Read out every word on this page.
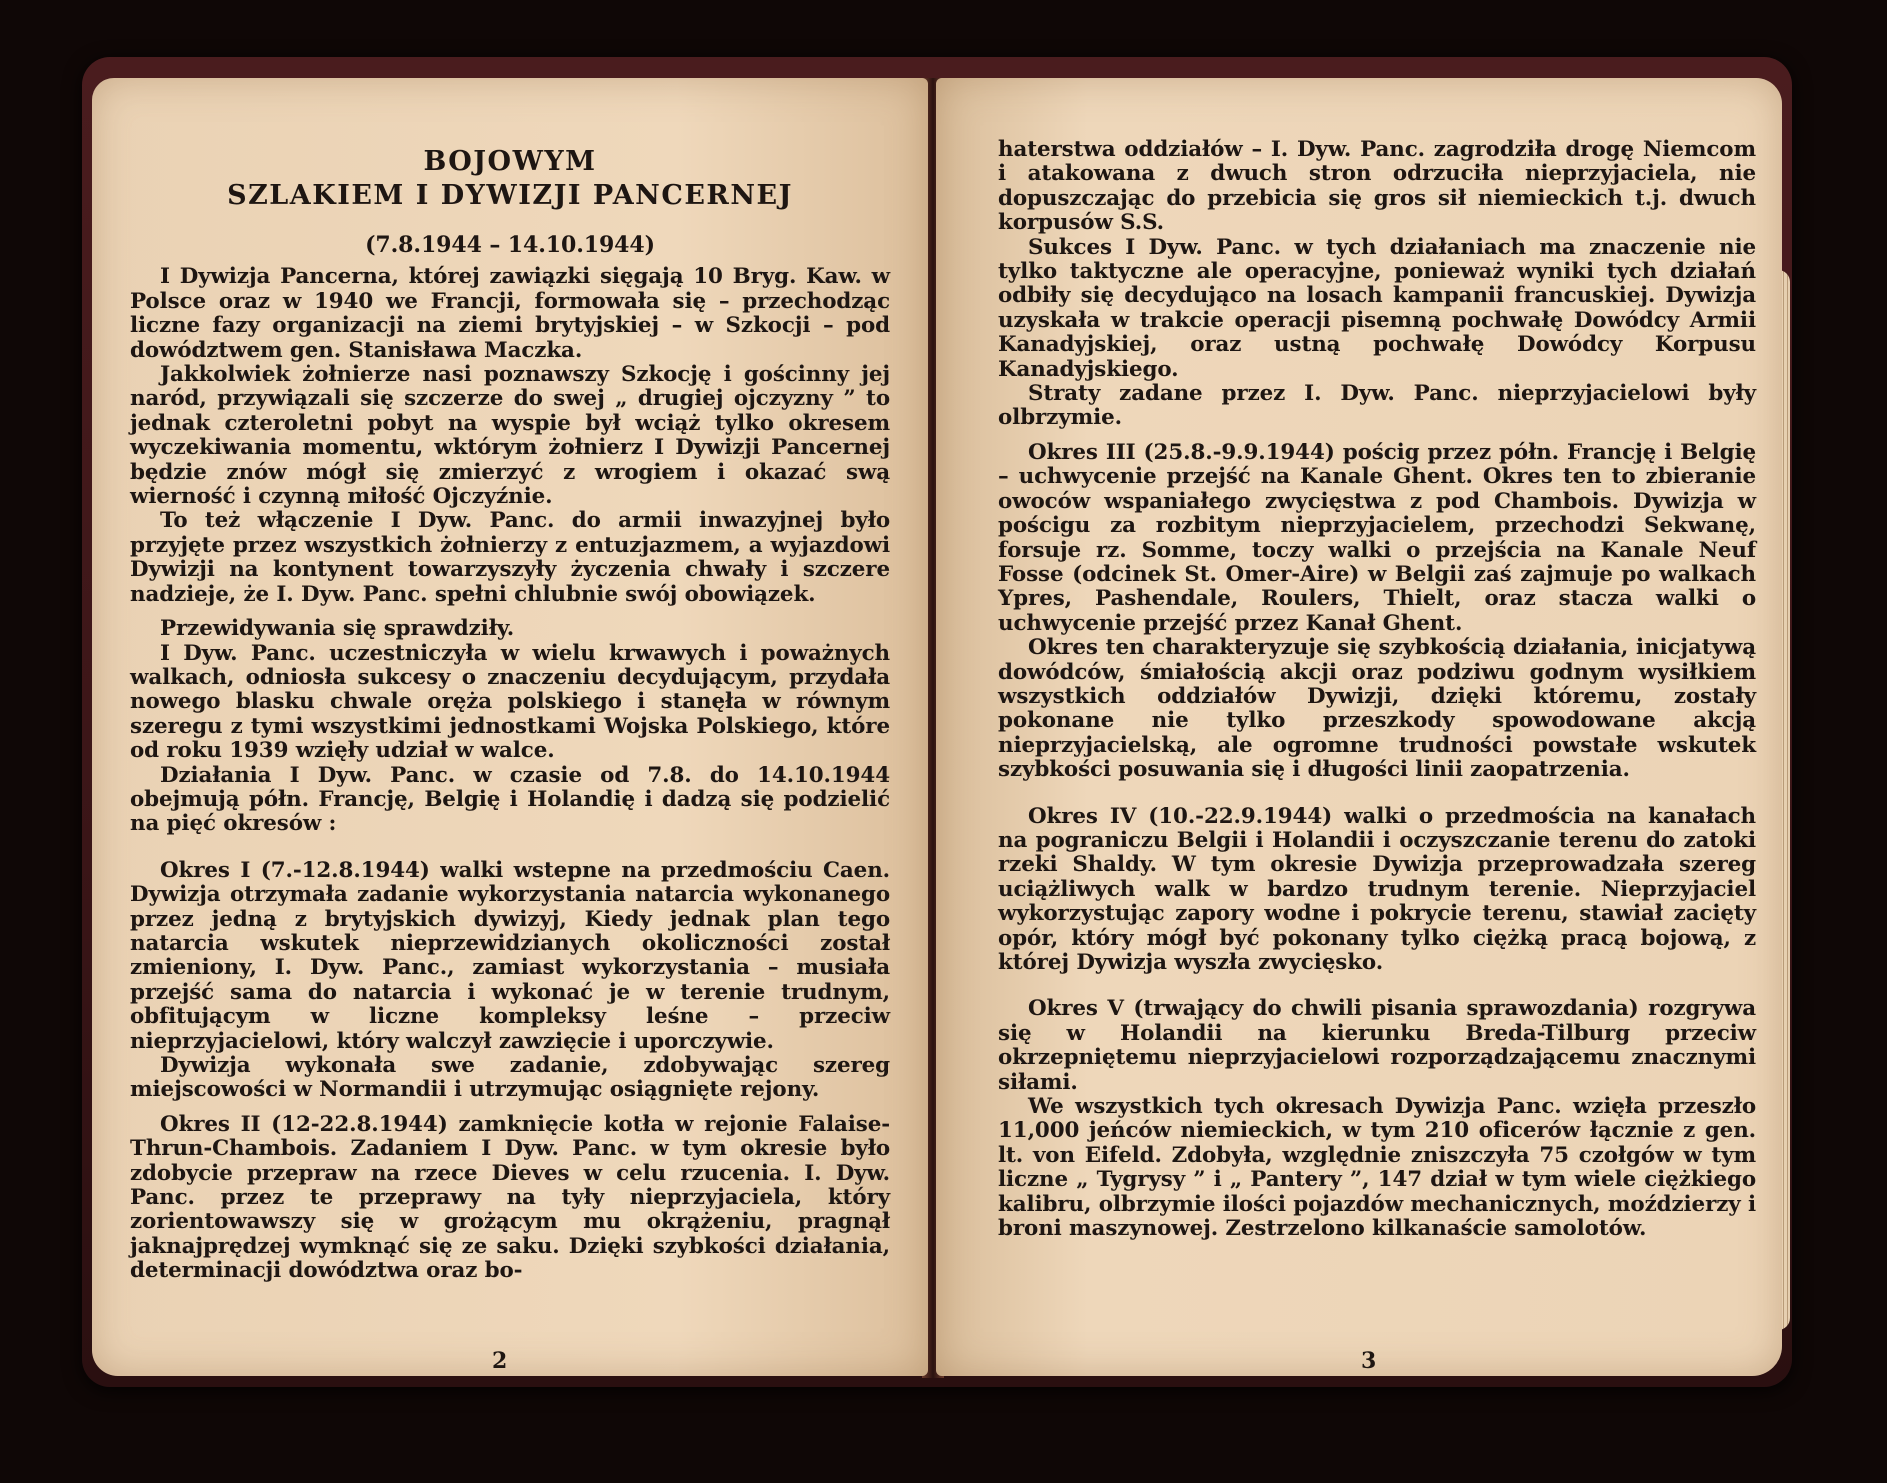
BOJOWYM
SZLAKIEM I DYWIZJI PANCERNEJ
(7.8.1944 – 14.10.1944)

I Dywizja Pancerna, której zawiązki sięgają 10 Bryg. Kaw. w Polsce oraz w 1940 we Francji, formowała się – przechodząc liczne fazy organizacji na ziemi brytyjskiej – w Szkocji – pod dowództwem gen. Stanisława Maczka.

Jakkolwiek żołnierze nasi poznawszy Szkocję i gościnny jej naród, przywiązali się szczerze do swej „ drugiej ojczyzny ” to jednak czteroletni pobyt na wyspie był wciąż tylko okresem wyczekiwania momentu, wktórym żołnierz I Dywizji Pancernej będzie znów mógł się zmierzyć z wrogiem i okazać swą wierność i czynną miłość Ojczyźnie.

To też włączenie I Dyw. Panc. do armii inwazyjnej było przyjęte przez wszystkich żołnierzy z entuzjazmem, a wyjazdowi Dywizji na kontynent towarzyszyły życzenia chwały i szczere nadzieje, że I. Dyw. Panc. spełni chlubnie swój obowiązek.

Przewidywania się sprawdziły.

I Dyw. Panc. uczestniczyła w wielu krwawych i poważnych walkach, odniosła sukcesy o znaczeniu decydującym, przydała nowego blasku chwale oręża polskiego i stanęła w równym szeregu z tymi wszystkimi jednostkami Wojska Polskiego, które od roku 1939 wzięły udział w walce.

Działania I Dyw. Panc. w czasie od 7.8. do 14.10.1944 obejmują półn. Francję, Belgię i Holandię i dadzą się podzielić na pięć okresów :

Okres I (7.-12.8.1944) walki wstepne na przedmościu Caen. Dywizja otrzymała zadanie wykorzystania natarcia wykonanego przez jedną z brytyjskich dywizyj, Kiedy jednak plan tego natarcia wskutek nieprzewidzianych okoliczności został zmieniony, I. Dyw. Panc., zamiast wykorzystania – musiała przejść sama do natarcia i wykonać je w terenie trudnym, obfitującym w liczne kompleksy leśne – przeciw nieprzyjacielowi, który walczył zawzięcie i uporczywie.

Dywizja wykonała swe zadanie, zdobywając szereg miejscowości w Normandii i utrzymując osiągnięte rejony.

Okres II (12-22.8.1944) zamknięcie kotła w rejonie Falaise-Thrun-Chambois. Zadaniem I Dyw. Panc. w tym okresie było zdobycie przepraw na rzece Dieves w celu rzucenia. I. Dyw. Panc. przez te przeprawy na tyły nieprzyjaciela, który zorientowawszy się w grożącym mu okrążeniu, pragnął jaknajprędzej wymknąć się ze saku. Dzięki szybkości działania, determinacji dowództwa oraz bo-

2

haterstwa oddziałów – I. Dyw. Panc. zagrodziła drogę Niemcom i atakowana z dwuch stron odrzuciła nieprzyjaciela, nie dopuszczając do przebicia się gros sił niemieckich t.j. dwuch korpusów S.S.

Sukces I Dyw. Panc. w tych działaniach ma znaczenie nie tylko taktyczne ale operacyjne, ponieważ wyniki tych działań odbiły się decydująco na losach kampanii francuskiej. Dywizja uzyskała w trakcie operacji pisemną pochwałę Dowódcy Armii Kanadyjskiej, oraz ustną pochwałę Dowódcy Korpusu Kanadyjskiego.

Straty zadane przez I. Dyw. Panc. nieprzyjacielowi były olbrzymie.

Okres III (25.8.-9.9.1944) pościg przez półn. Francję i Belgię – uchwycenie przejść na Kanale Ghent. Okres ten to zbieranie owoców wspaniałego zwycięstwa z pod Chambois. Dywizja w pościgu za rozbitym nieprzyjacielem, przechodzi Sekwanę, forsuje rz. Somme, toczy walki o przejścia na Kanale Neuf Fosse (odcinek St. Omer-Aire) w Belgii zaś zajmuje po walkach Ypres, Pashendale, Roulers, Thielt, oraz stacza walki o uchwycenie przejść przez Kanał Ghent.

Okres ten charakteryzuje się szybkością działania, inicjatywą dowódców, śmiałością akcji oraz podziwu godnym wysiłkiem wszystkich oddziałów Dywizji, dzięki któremu, zostały pokonane nie tylko przeszkody spowodowane akcją nieprzyjacielską, ale ogromne trudności powstałe wskutek szybkości posuwania się i długości linii zaopatrzenia.

Okres IV (10.-22.9.1944) walki o przedmościa na kanałach na pograniczu Belgii i Holandii i oczyszczanie terenu do zatoki rzeki Shaldy. W tym okresie Dywizja przeprowadzała szereg uciążliwych walk w bardzo trudnym terenie. Nieprzyjaciel wykorzystując zapory wodne i pokrycie terenu, stawiał zacięty opór, który mógł być pokonany tylko ciężką pracą bojową, z której Dywizja wyszła zwycięsko.

Okres V (trwający do chwili pisania sprawozdania) rozgrywa się w Holandii na kierunku Breda-Tilburg przeciw okrzepniętemu nieprzyjacielowi rozporządzającemu znacznymi siłami.

We wszystkich tych okresach Dywizja Panc. wzięła przeszło 11,000 jeńców niemieckich, w tym 210 oficerów łącznie z gen. lt. von Eifeld. Zdobyła, względnie zniszczyła 75 czołgów w tym liczne „ Tygrysy ” i „ Pantery ”, 147 dział w tym wiele ciężkiego kalibru, olbrzymie ilości pojazdów mechanicznych, moździerzy i broni maszynowej. Zestrzelono kilkanaście samolotów.

3
